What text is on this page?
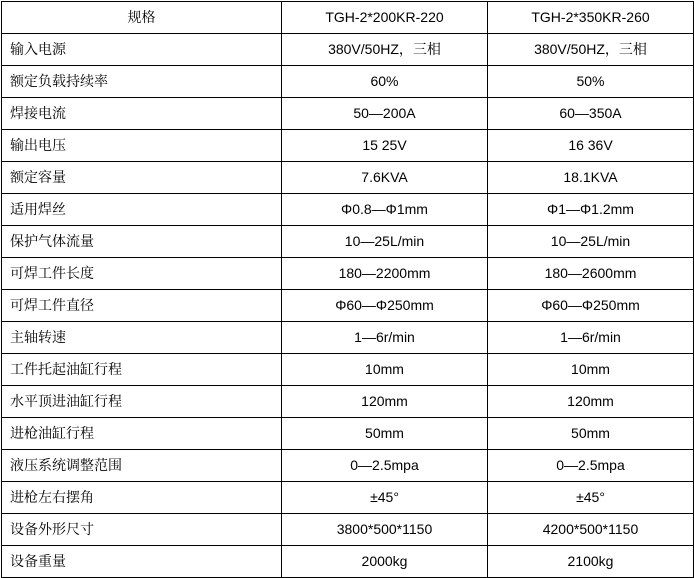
规格	TGH-2*200KR-220	TGH-2*350KR-260
输入电源	380V/50HZ，三相	380V/50HZ，三相
额定负载持续率	60%	50%
焊接电流	50—200A	60—350A
输出电压	15 25V	16 36V
额定容量	7.6KVA	18.1KVA
适用焊丝	Φ0.8—Φ1mm	Φ1—Φ1.2mm
保护气体流量	10—25L/min	10—25L/min
可焊工件长度	180—2200mm	180—2600mm
可焊工件直径	Φ60—Φ250mm	Φ60—Φ250mm
主轴转速	1—6r/min	1—6r/min
工件托起油缸行程	10mm	10mm
水平顶进油缸行程	120mm	120mm
进枪油缸行程	50mm	50mm
液压系统调整范围	0—2.5mpa	0—2.5mpa
进枪左右摆角	±45°	±45°
设备外形尺寸	3800*500*1150	4200*500*1150
设备重量	2000kg	2100kg
